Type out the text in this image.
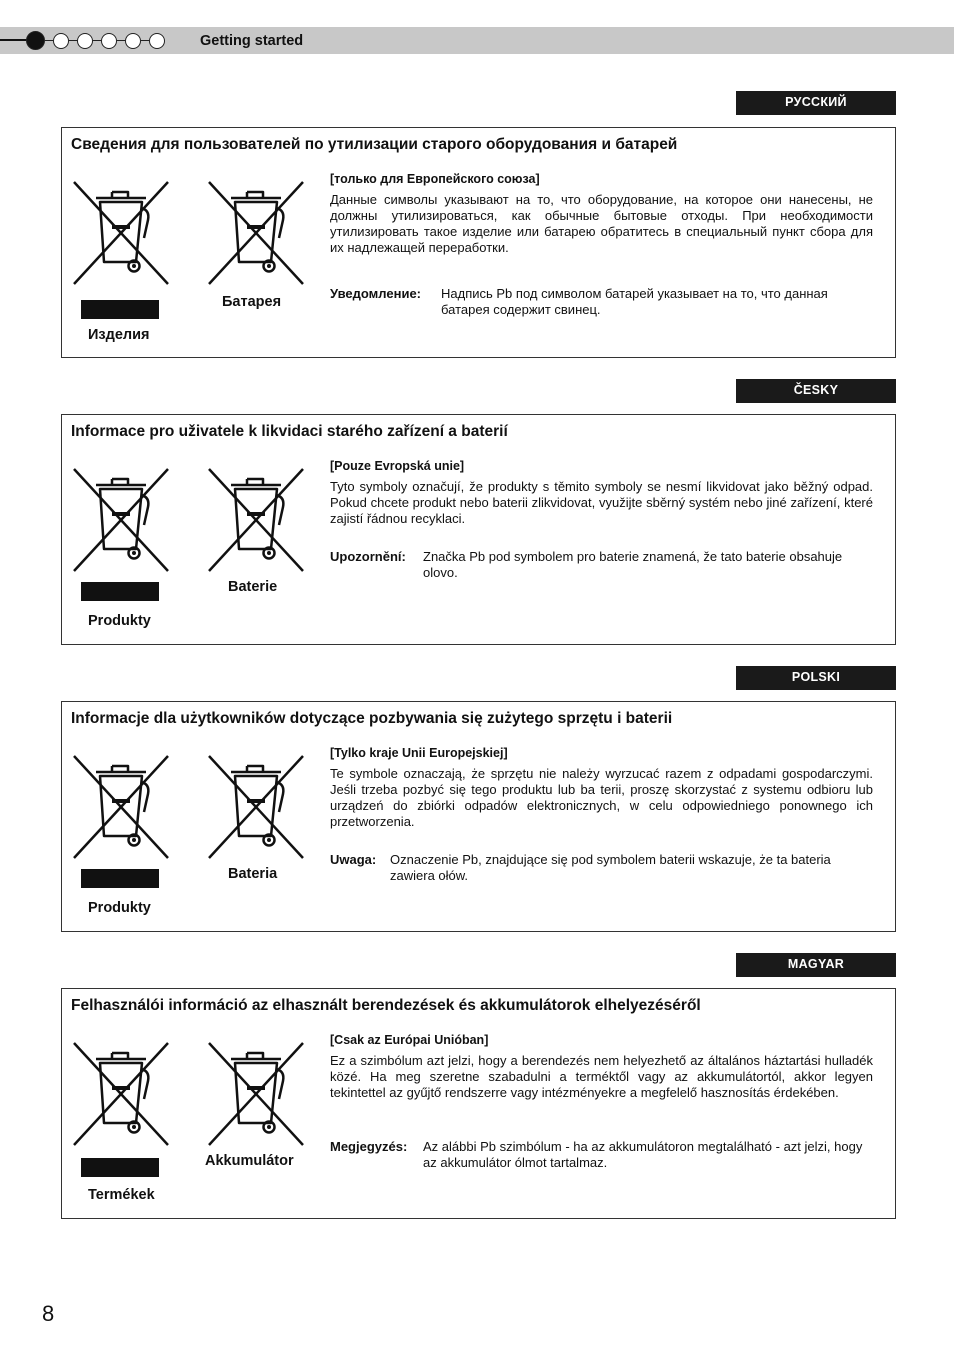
Getting started
РУССКИЙ
Сведения для пользователей по утилизации старого оборудования и батарей
Изделия
Батарея
[только для Европейского союза]
Данные символы указывают на то, что оборудование, на которое они нанесены, не должны утилизироваться, как обычные бытовые отходы. При необходимости утилизировать такое изделие или батарею обратитесь в специальный пункт сбора для их надлежащей переработки.
Уведомление: Надпись Pb под символом батарей указывает на то, что данная батарея содержит свинец.
ČESKY
Informace pro uživatele k likvidaci starého zařízení a baterií
Produkty
Baterie
[Pouze Evropská unie]
Tyto symboly označují, že produkty s těmito symboly se nesmí likvidovat jako běžný odpad. Pokud chcete produkt nebo baterii zlikvidovat, využijte sběrný systém nebo jiné zařízení, které zajistí řádnou recyklaci.
Upozornění: Značka Pb pod symbolem pro baterie znamená, že tato baterie obsahuje olovo.
POLSKI
Informacje dla użytkowników dotyczące pozbywania się zużytego sprzętu i baterii
Produkty
Bateria
[Tylko kraje Unii Europejskiej]
Te symbole oznaczają, że sprzętu nie należy wyrzucać razem z odpadami gospodarczymi. Jeśli trzeba pozbyć się tego produktu lub ba terii, proszę skorzystać z systemu odbioru lub urządzeń do zbiórki odpadów elektronicznych, w celu odpowiedniego ponownego ich przetworzenia.
Uwaga: Oznaczenie Pb, znajdujące się pod symbolem baterii wskazuje, że ta bateria zawiera ołów.
MAGYAR
Felhasználói információ az elhasznált berendezések és akkumulátorok elhelyezéséről
Termékek
Akkumulátor
[Csak az Európai Unióban]
Ez a szimbólum azt jelzi, hogy a berendezés nem helyezhető az általános háztartási hulladék közé. Ha meg szeretne szabadulni a terméktől vagy az akkumulátortól, akkor legyen tekintettel az gyűjtő rendszerre vagy intézményekre a megfelelő hasznosítás érdekében.
Megjegyzés: Az alábbi Pb szimbólum - ha az akkumulátoron megtalálható - azt jelzi, hogy az akkumulátor ólmot tartalmaz.
8
